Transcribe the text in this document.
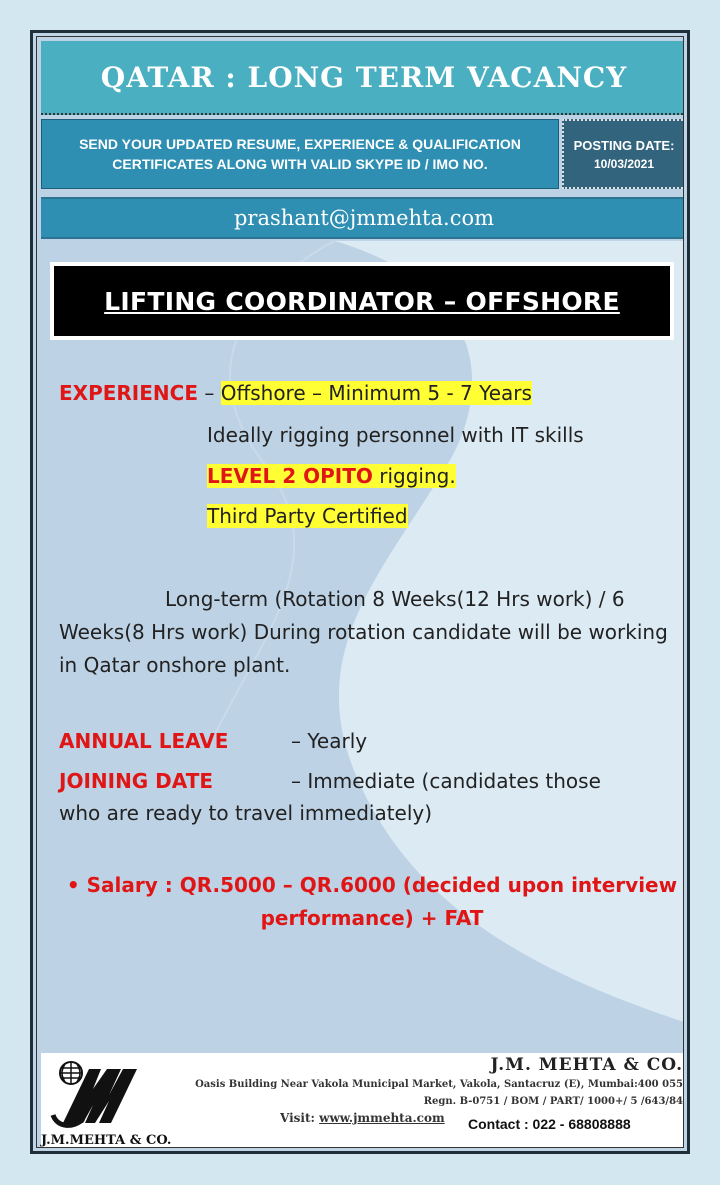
QATAR : LONG TERM VACANCY
SEND YOUR UPDATED RESUME, EXPERIENCE & QUALIFICATION
CERTIFICATES ALONG WITH VALID SKYPE ID / IMO NO.
POSTING DATE:
10/03/2021
prashant@jmmehta.com
LIFTING COORDINATOR – OFFSHORE
EXPERIENCE – Offshore – Minimum 5 - 7 Years
Ideally rigging personnel with IT skills
LEVEL 2 OPITO rigging.
Third Party Certified
Long-term (Rotation 8 Weeks(12 Hrs work) / 6 Weeks(8 Hrs work) During rotation candidate will be working in Qatar onshore plant.
ANNUAL LEAVE	– Yearly
JOINING DATE	– Immediate (candidates those
who are ready to travel immediately)
• Salary : QR.5000 – QR.6000 (decided upon interview
performance) + FAT
J.M.MEHTA & CO.
J.M. MEHTA & CO.
Oasis Building Near Vakola Municipal Market, Vakola, Santacruz (E), Mumbai:400 055
Regn. B-0751 / BOM / PART/ 1000+/ 5 /643/84
Visit: www.jmmehta.com Contact : 022 - 68808888
